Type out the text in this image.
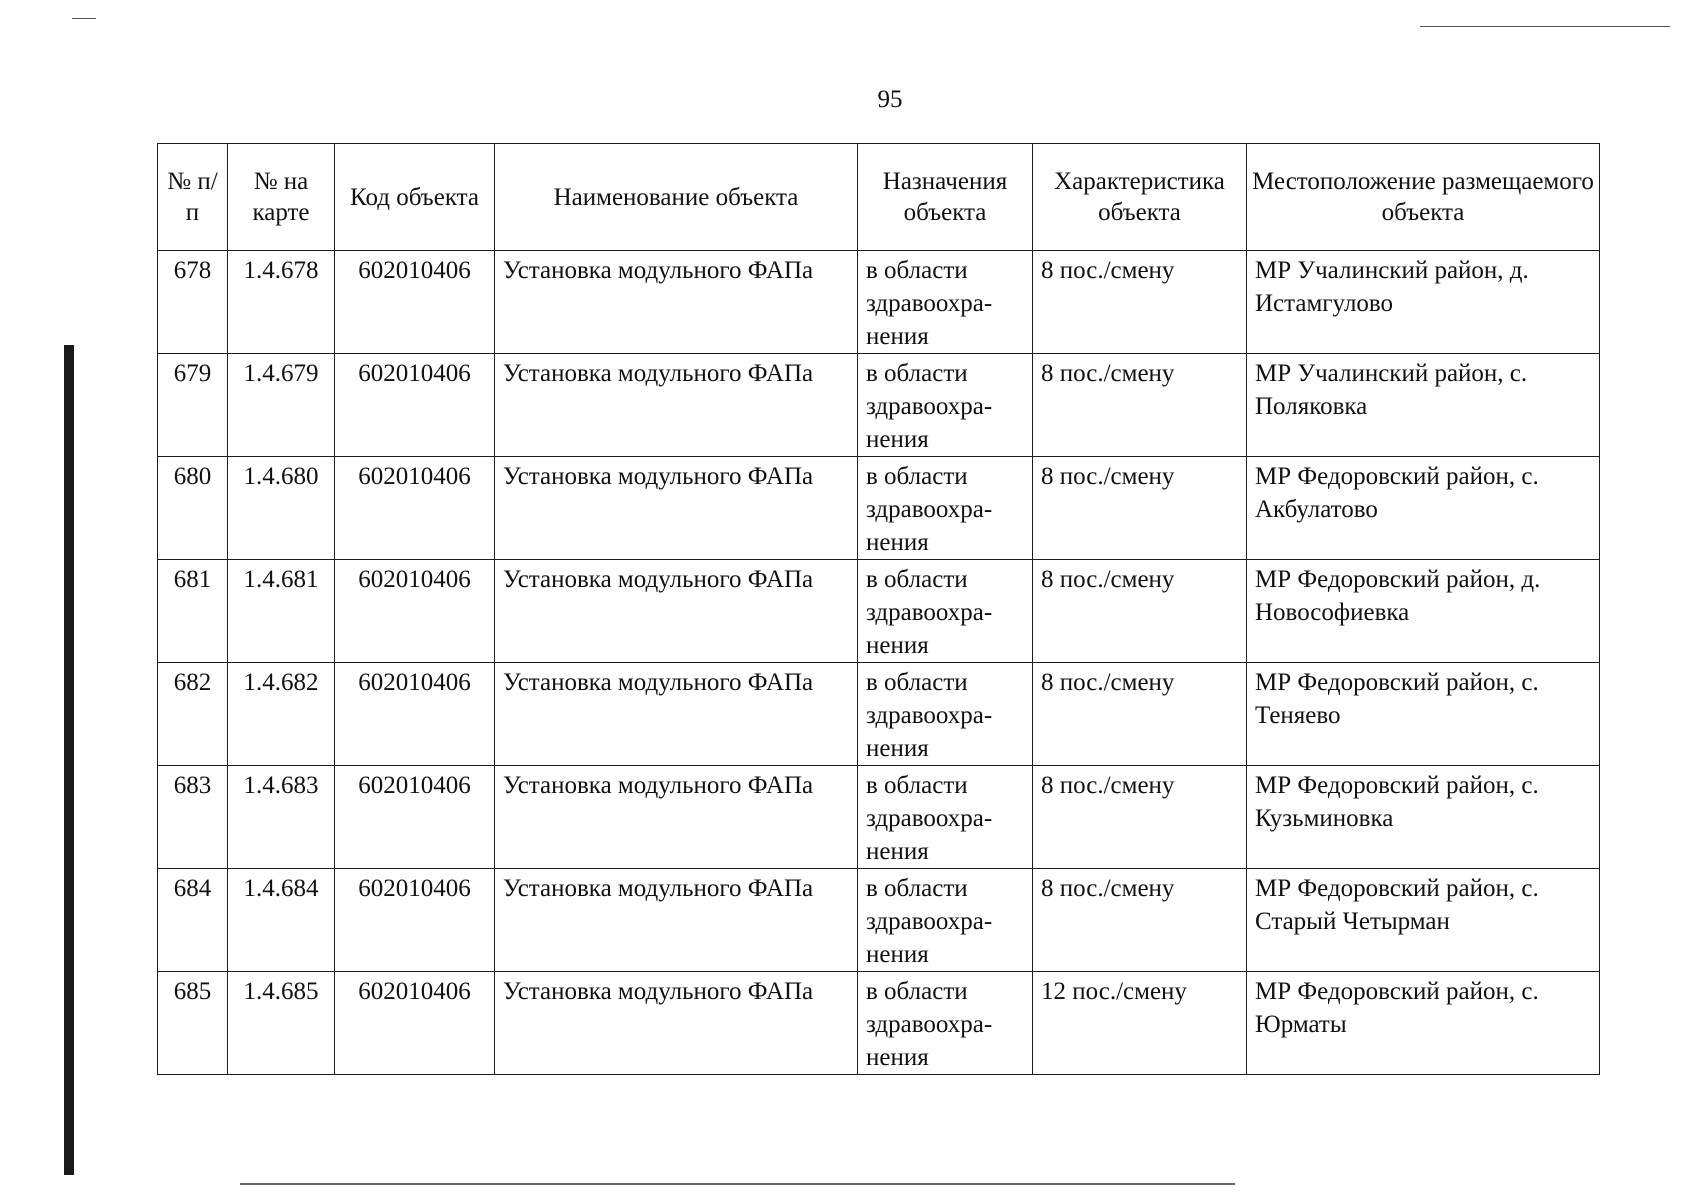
95
№ п/п	№ на карте	Код объекта	Наименование объекта	Назначения объекта	Характеристика объекта	Местоположение размещаемого объекта
678	1.4.678	602010406	Установка модульного ФАПа	в области здравоохра-нения	8 пос./смену	МР Учалинский район, д. Истамгулово
679	1.4.679	602010406	Установка модульного ФАПа	в области здравоохра-нения	8 пос./смену	МР Учалинский район, с. Поляковка
680	1.4.680	602010406	Установка модульного ФАПа	в области здравоохра-нения	8 пос./смену	МР Федоровский район, с. Акбулатово
681	1.4.681	602010406	Установка модульного ФАПа	в области здравоохра-нения	8 пос./смену	МР Федоровский район, д. Новософиевка
682	1.4.682	602010406	Установка модульного ФАПа	в области здравоохра-нения	8 пос./смену	МР Федоровский район, с. Теняево
683	1.4.683	602010406	Установка модульного ФАПа	в области здравоохра-нения	8 пос./смену	МР Федоровский район, с. Кузьминовка
684	1.4.684	602010406	Установка модульного ФАПа	в области здравоохра-нения	8 пос./смену	МР Федоровский район, с. Старый Четырман
685	1.4.685	602010406	Установка модульного ФАПа	в области здравоохра-нения	12 пос./смену	МР Федоровский район, с. Юрматы
